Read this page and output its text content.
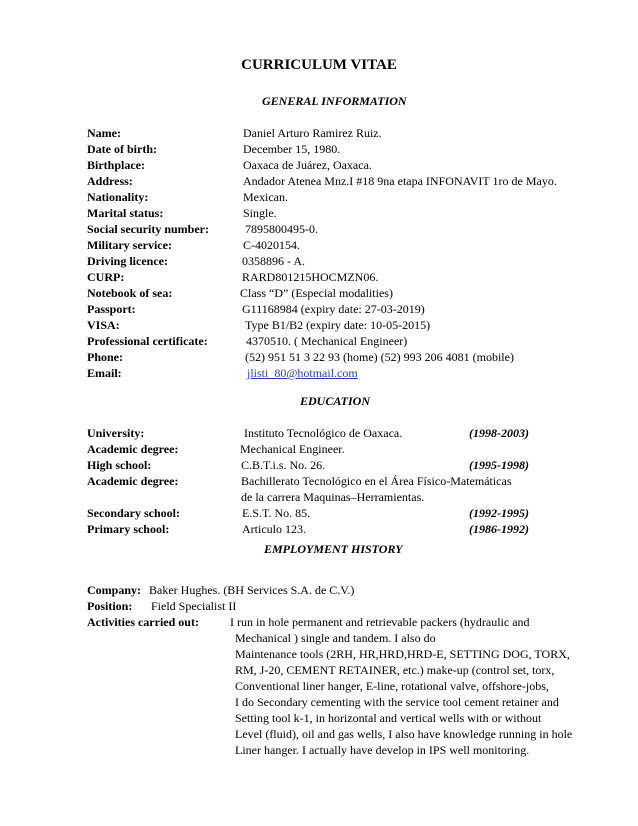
CURRICULUM VITAE
GENERAL INFORMATION
Name:	Daniel Arturo Ramirez Ruiz.
Date of birth:	December 15, 1980.
Birthplace:	Oaxaca de Juárez, Oaxaca.
Address:	Andador Atenea Mnz.I #18 9na etapa INFONAVIT 1ro de Mayo.
Nationality:	Mexican.
Marital status:	Single.
Social security number:	7895800495-0.
Military service:	C-4020154.
Driving licence:	0358896 - A.
CURP:	RARD801215HOCMZN06.
Notebook of sea:	Class “D” (Especial modalities)
Passport:	G11168984 (expiry date: 27-03-2019)
VISA:	Type B1/B2 (expiry date: 10-05-2015)
Professional certificate:	4370510. ( Mechanical Engineer)
Phone:	(52) 951 51 3 22 93 (home) (52) 993 206 4081 (mobile)
Email:	jlisti_80@hotmail.com
EDUCATION
University:	Instituto Tecnológico de Oaxaca.	(1998-2003)
Academic degree:	Mechanical Engineer.
High school:	C.B.T.i.s. No. 26.	(1995-1998)
Academic degree:	Bachillerato Tecnológico en el Área Físico-Matemáticas
de la carrera Maquinas–Herramientas.
Secondary school:	E.S.T. No. 85.	(1992-1995)
Primary school:	Articulo 123.	(1986-1992)
EMPLOYMENT HISTORY
Company: Baker Hughes. (BH Services S.A. de C.V.)
Position: Field Specialist II
Activities carried out:	I run in hole permanent and retrievable packers (hydraulic and
Mechanical ) single and tandem. I also do
Maintenance tools (2RH, HR,HRD,HRD-E, SETTING DOG, TORX,
RM, J-20, CEMENT RETAINER, etc.) make-up (control set, torx,
Conventional liner hanger, E-line, rotational valve, offshore-jobs,
I do Secondary cementing with the service tool cement retainer and
Setting tool k-1, in horizontal and vertical wells with or without
Level (fluid), oil and gas wells, I also have knowledge running in hole
Liner hanger. I actually have develop in IPS well monitoring.
